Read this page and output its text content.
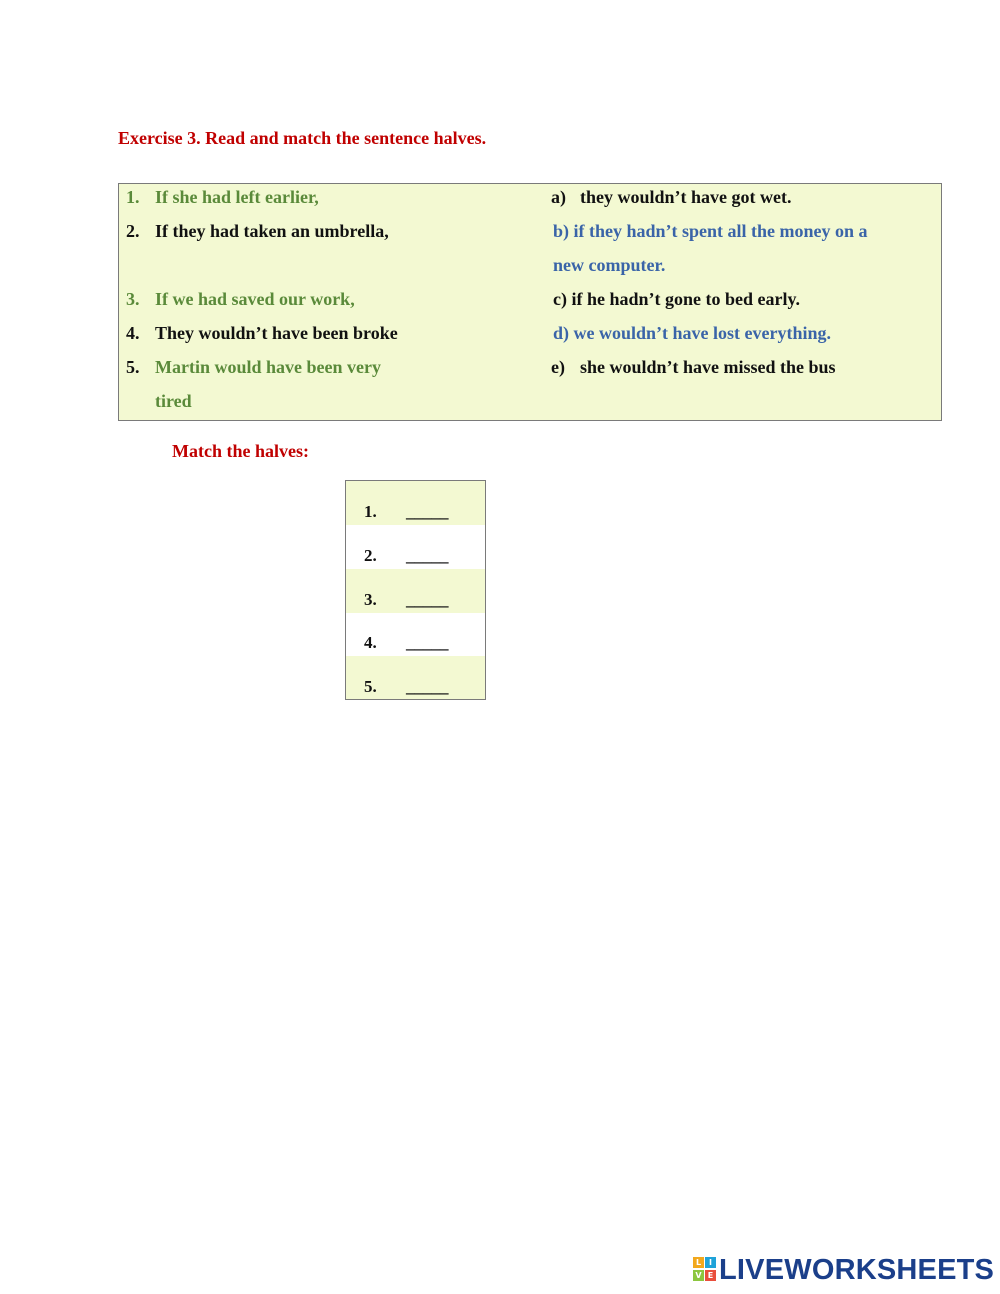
Exercise 3. Read and match the sentence halves.

1. If she had left earlier,

2. If they had taken an umbrella,

3. If we had saved our work,

4. They wouldn’t have been broke

5. Martin would have been very

tired

a) they wouldn’t have got wet.

b) if they hadn’t spent all the money on a

new computer.

c) if he hadn’t gone to bed early.

d) we wouldn’t have lost everything.

e) she wouldn’t have missed the bus

Match the halves:

1. _____
2. _____
3. _____
4. _____
5. _____
L I
V E LIVEWORKSHEETS
